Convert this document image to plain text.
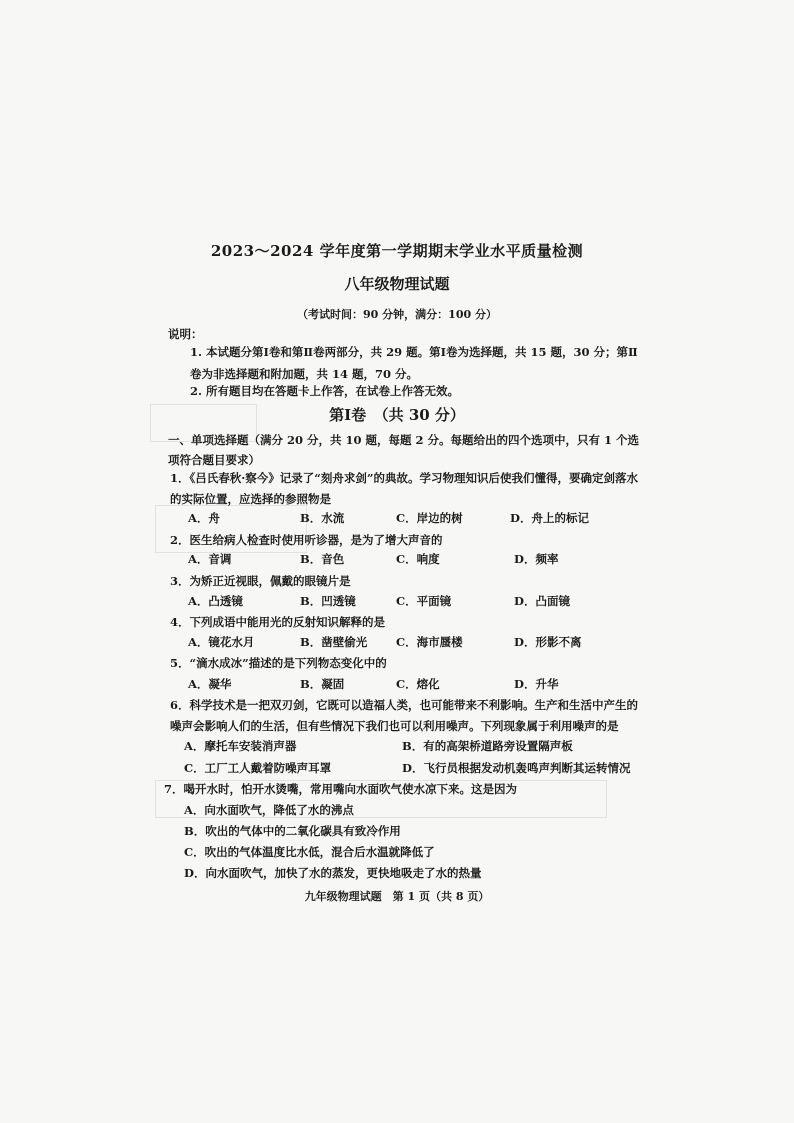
2023～2024 学年度第一学期期末学业水平质量检测
八年级物理试题
（考试时间：90 分钟，满分：100 分）
说明：
1. 本试题分第Ⅰ卷和第Ⅱ卷两部分，共 29 题。第Ⅰ卷为选择题，共 15 题，30 分；第Ⅱ卷为非选择题和附加题，共 14 题，70 分。
2. 所有题目均在答题卡上作答，在试卷上作答无效。
第Ⅰ卷　（共 30 分）
一、单项选择题（满分 20 分，共 10 题，每题 2 分。每题给出的四个选项中，只有 1 个选项符合题目要求）
1．《吕氏春秋·察今》记录了“刻舟求剑”的典故。学习物理知识后使我们懂得，要确定剑落水的实际位置，应选择的参照物是
A．舟	B．水流	C．岸边的树	D．舟上的标记
2．医生给病人检查时使用听诊器，是为了增大声音的
A．音调	B．音色	C．响度	D．频率
3．为矫正近视眼，佩戴的眼镜片是
A．凸透镜	B．凹透镜	C．平面镜	D．凸面镜
4．下列成语中能用光的反射知识解释的是
A．镜花水月	B．凿壁偷光	C．海市蜃楼	D．形影不离
5．“滴水成冰”描述的是下列物态变化中的
A．凝华	B．凝固	C．熔化	D．升华
6．科学技术是一把双刃剑，它既可以造福人类，也可能带来不利影响。生产和生活中产生的噪声会影响人们的生活，但有些情况下我们也可以利用噪声。下列现象属于利用噪声的是
A．摩托车安装消声器	B．有的高架桥道路旁设置隔声板
C．工厂工人戴着防噪声耳罩	D．飞行员根据发动机轰鸣声判断其运转情况
7．喝开水时，怕开水烫嘴，常用嘴向水面吹气使水凉下来。这是因为
A．向水面吹气，降低了水的沸点
B．吹出的气体中的二氧化碳具有致冷作用
C．吹出的气体温度比水低，混合后水温就降低了
D．向水面吹气，加快了水的蒸发，更快地吸走了水的热量
九年级物理试题　第 1 页（共 8 页）
